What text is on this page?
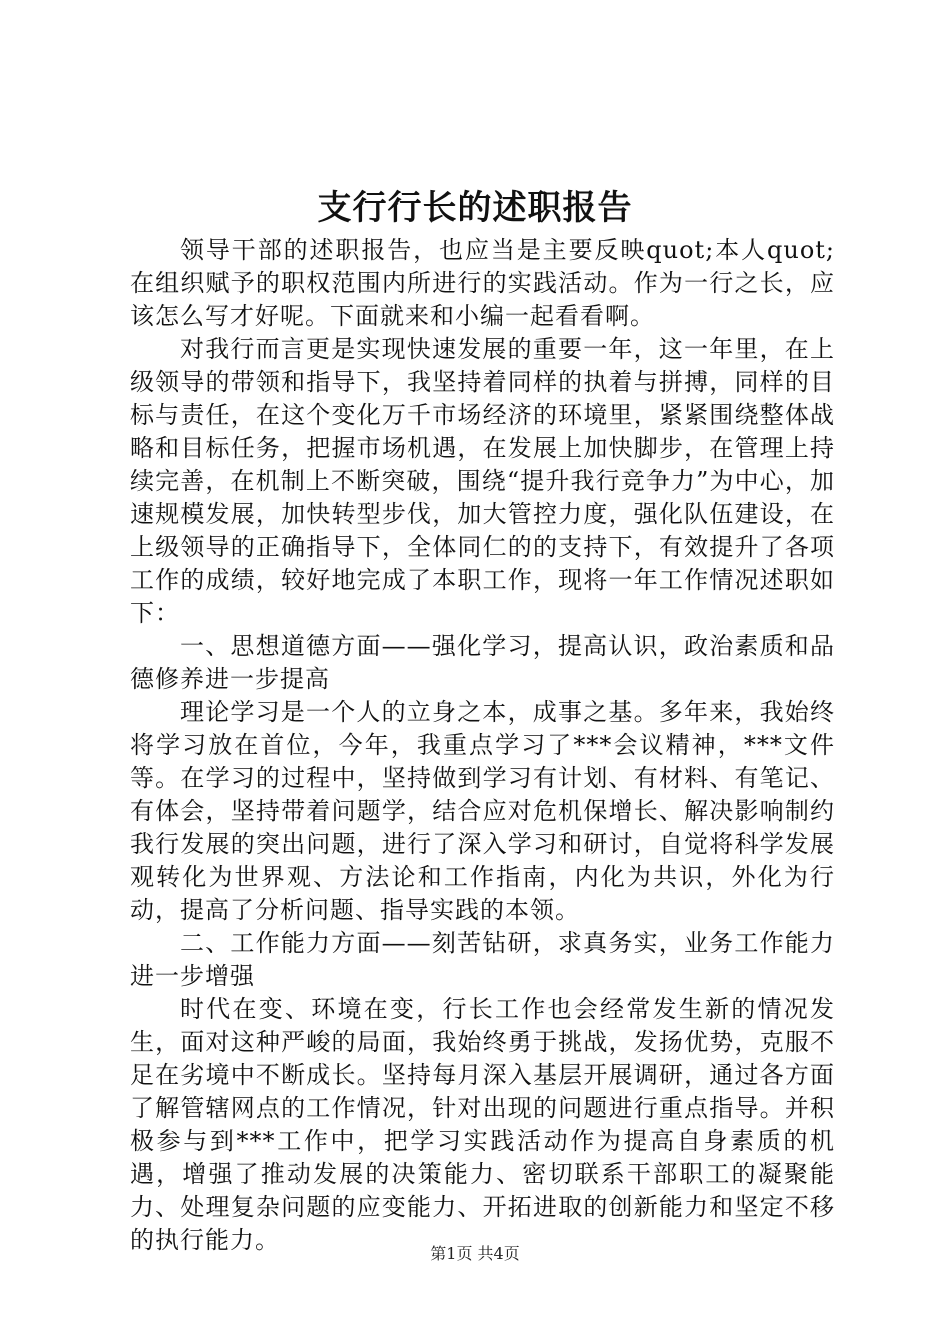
支行行长的述职报告

领导干部的述职报告，也应当是主要反映quot;本人quot;在组织赋予的职权范围内所进行的实践活动。作为一行之长，应该怎么写才好呢。下面就来和小编一起看看啊。

对我行而言更是实现快速发展的重要一年，这一年里，在上级领导的带领和指导下，我坚持着同样的执着与拼搏，同样的目标与责任，在这个变化万千市场经济的环境里，紧紧围绕整体战略和目标任务，把握市场机遇，在发展上加快脚步，在管理上持续完善，在机制上不断突破，围绕“提升我行竞争力”为中心，加速规模发展，加快转型步伐，加大管控力度，强化队伍建设，在上级领导的正确指导下，全体同仁的的支持下，有效提升了各项工作的成绩，较好地完成了本职工作，现将一年工作情况述职如下：

一、思想道德方面——强化学习，提高认识，政治素质和品德修养进一步提高

理论学习是一个人的立身之本，成事之基。多年来，我始终将学习放在首位，今年，我重点学习了***会议精神，***文件等。在学习的过程中，坚持做到学习有计划、有材料、有笔记、有体会，坚持带着问题学，结合应对危机保增长、解决影响制约我行发展的突出问题，进行了深入学习和研讨，自觉将科学发展观转化为世界观、方法论和工作指南，内化为共识，外化为行动，提高了分析问题、指导实践的本领。

二、工作能力方面——刻苦钻研，求真务实，业务工作能力进一步增强

时代在变、环境在变，行长工作也会经常发生新的情况发生，面对这种严峻的局面，我始终勇于挑战，发扬优势，克服不足在劣境中不断成长。坚持每月深入基层开展调研，通过各方面了解管辖网点的工作情况，针对出现的问题进行重点指导。并积极参与到***工作中，把学习实践活动作为提高自身素质的机遇，增强了推动发展的决策能力、密切联系干部职工的凝聚能力、处理复杂问题的应变能力、开拓进取的创新能力和坚定不移的执行能力。	第1页 共4页
